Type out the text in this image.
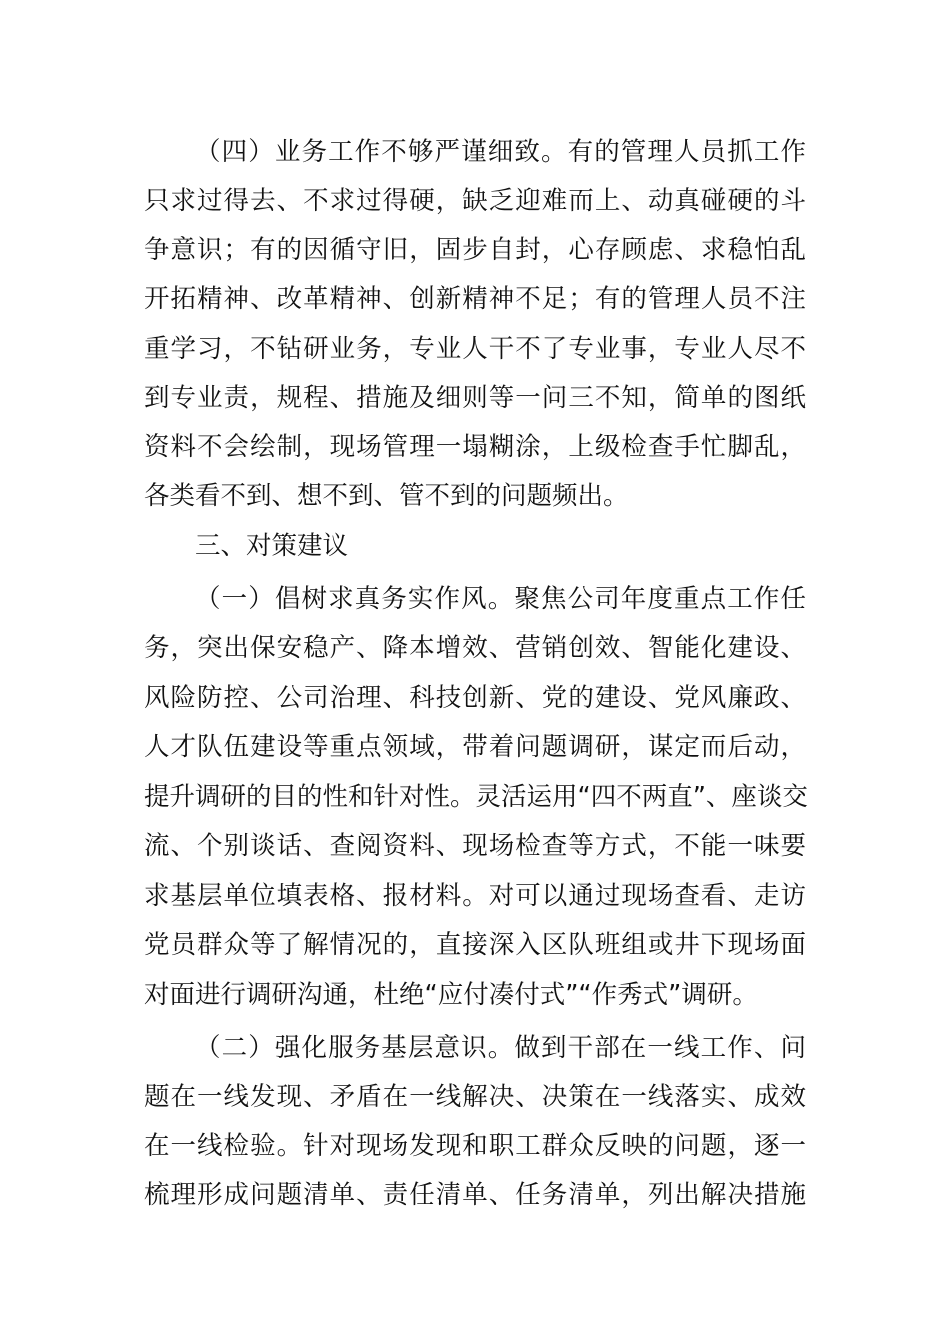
（四）业务工作不够严谨细致。有的管理人员抓工作

只求过得去、不求过得硬，缺乏迎难而上、动真碰硬的斗

争意识；有的因循守旧，固步自封，心存顾虑、求稳怕乱

开拓精神、改革精神、创新精神不足；有的管理人员不注

重学习，不钻研业务，专业人干不了专业事，专业人尽不

到专业责，规程、措施及细则等一问三不知，简单的图纸

资料不会绘制，现场管理一塌糊涂，上级检查手忙脚乱，

各类看不到、想不到、管不到的问题频出。

三、对策建议

（一）倡树求真务实作风。聚焦公司年度重点工作任

务，突出保安稳产、降本增效、营销创效、智能化建设、

风险防控、公司治理、科技创新、党的建设、党风廉政、

人才队伍建设等重点领域，带着问题调研，谋定而后动，

提升调研的目的性和针对性。灵活运用“四不两直”、座谈交

流、个别谈话、查阅资料、现场检查等方式，不能一味要

求基层单位填表格、报材料。对可以通过现场查看、走访

党员群众等了解情况的，直接深入区队班组或井下现场面

对面进行调研沟通，杜绝“应付凑付式”“作秀式”调研。

（二）强化服务基层意识。做到干部在一线工作、问

题在一线发现、矛盾在一线解决、决策在一线落实、成效

在一线检验。针对现场发现和职工群众反映的问题，逐一

梳理形成问题清单、责任清单、任务清单，列出解决措施
